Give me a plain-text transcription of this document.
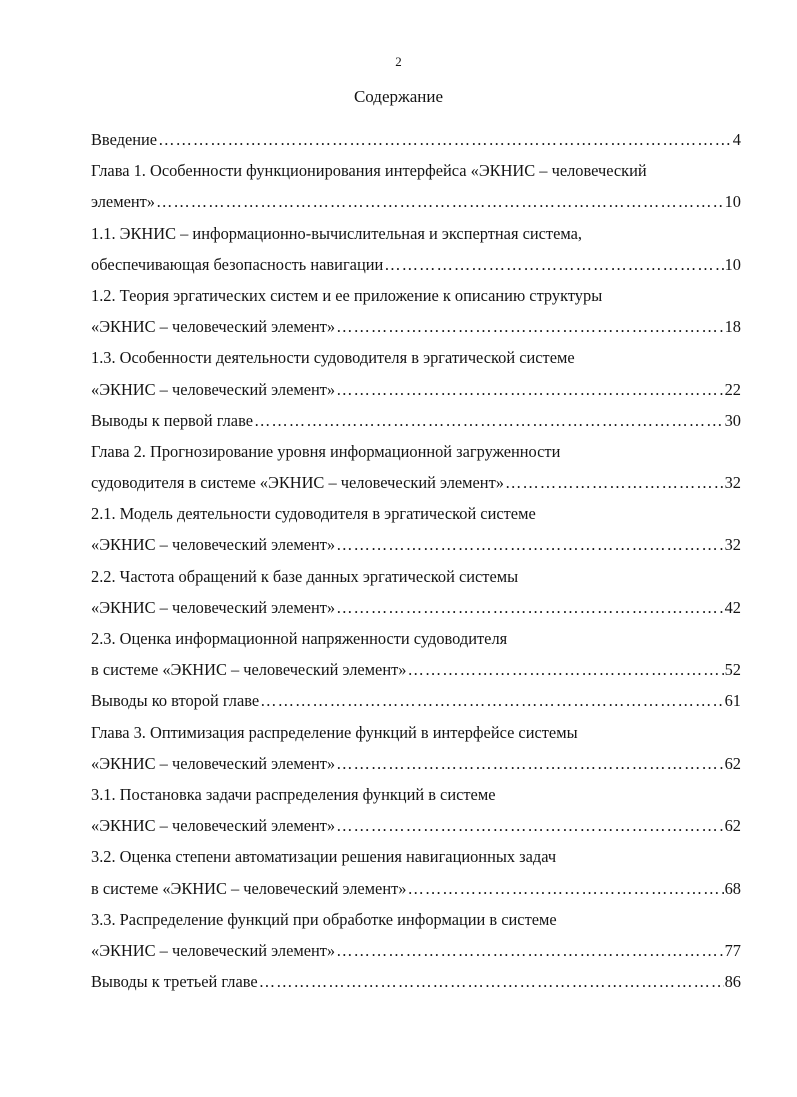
2
Содержание
Введение ……………………………………………………………………………………………………………………………………………………	4
Глава 1. Особенности функционирования интерфейса «ЭКНИС – человеческий
элемент» ……………………………………………………………………………………………………………………………………………………	10
1.1. ЭКНИС – информационно-вычислительная и экспертная система,
обеспечивающая безопасность навигации ……………………………………………………………………………………………………………………………………………………	10
1.2. Теория эргатических систем и ее приложение к описанию структуры
«ЭКНИС – человеческий элемент» ……………………………………………………………………………………………………………………………………………………	18
1.3. Особенности деятельности судоводителя в эргатической системе
«ЭКНИС – человеческий элемент» ……………………………………………………………………………………………………………………………………………………	22
Выводы к первой главе ……………………………………………………………………………………………………………………………………………………	30
Глава 2. Прогнозирование уровня информационной загруженности
судоводителя в системе «ЭКНИС – человеческий элемент» ……………………………………………………………………………………………………………………………………………………	32
2.1. Модель деятельности судоводителя в эргатической системе
«ЭКНИС – человеческий элемент» ……………………………………………………………………………………………………………………………………………………	32
2.2. Частота обращений к базе данных эргатической системы
«ЭКНИС – человеческий элемент» ……………………………………………………………………………………………………………………………………………………	42
2.3. Оценка информационной напряженности судоводителя
в системе «ЭКНИС – человеческий элемент» ……………………………………………………………………………………………………………………………………………………	52
Выводы ко второй главе ……………………………………………………………………………………………………………………………………………………	61
Глава 3. Оптимизация распределение функций в интерфейсе системы
«ЭКНИС – человеческий элемент» ……………………………………………………………………………………………………………………………………………………	62
3.1. Постановка задачи распределения функций в системе
«ЭКНИС – человеческий элемент» ……………………………………………………………………………………………………………………………………………………	62
3.2. Оценка степени автоматизации решения навигационных задач
в системе «ЭКНИС – человеческий элемент» ……………………………………………………………………………………………………………………………………………………	68
3.3. Распределение функций при обработке информации в системе
«ЭКНИС – человеческий элемент» ……………………………………………………………………………………………………………………………………………………	77
Выводы к третьей главе ……………………………………………………………………………………………………………………………………………………	86
